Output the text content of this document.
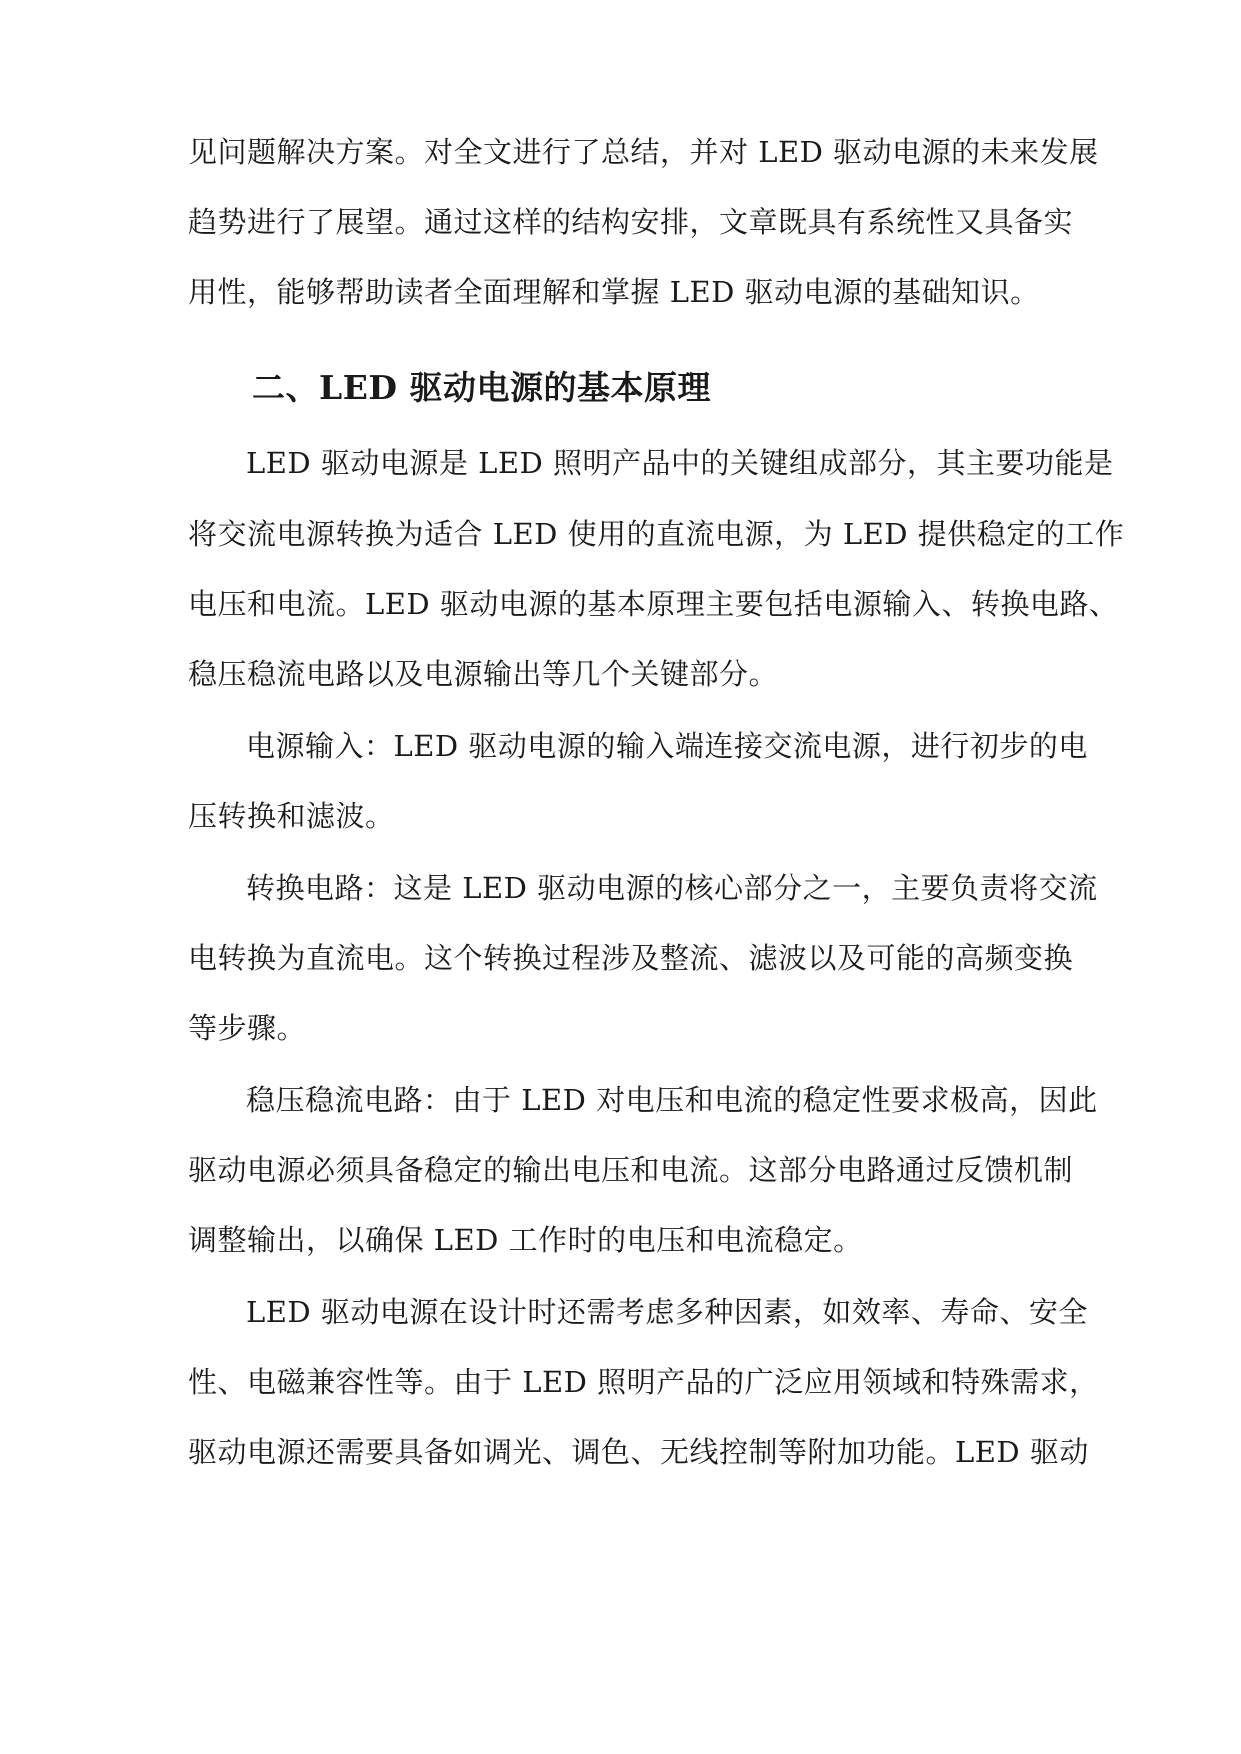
见问题解决方案。对全文进行了总结，并对 LED 驱动电源的未来发展
趋势进行了展望。通过这样的结构安排，文章既具有系统性又具备实
用性，能够帮助读者全面理解和掌握 LED 驱动电源的基础知识。
二、LED 驱动电源的基本原理
LED 驱动电源是 LED 照明产品中的关键组成部分，其主要功能是
将交流电源转换为适合 LED 使用的直流电源，为 LED 提供稳定的工作
电压和电流。LED 驱动电源的基本原理主要包括电源输入、转换电路、
稳压稳流电路以及电源输出等几个关键部分。
电源输入：LED 驱动电源的输入端连接交流电源，进行初步的电
压转换和滤波。
转换电路：这是 LED 驱动电源的核心部分之一，主要负责将交流
电转换为直流电。这个转换过程涉及整流、滤波以及可能的高频变换
等步骤。
稳压稳流电路：由于 LED 对电压和电流的稳定性要求极高，因此
驱动电源必须具备稳定的输出电压和电流。这部分电路通过反馈机制
调整输出，以确保 LED 工作时的电压和电流稳定。
LED 驱动电源在设计时还需考虑多种因素，如效率、寿命、安全
性、电磁兼容性等。由于 LED 照明产品的广泛应用领域和特殊需求，
驱动电源还需要具备如调光、调色、无线控制等附加功能。LED 驱动
